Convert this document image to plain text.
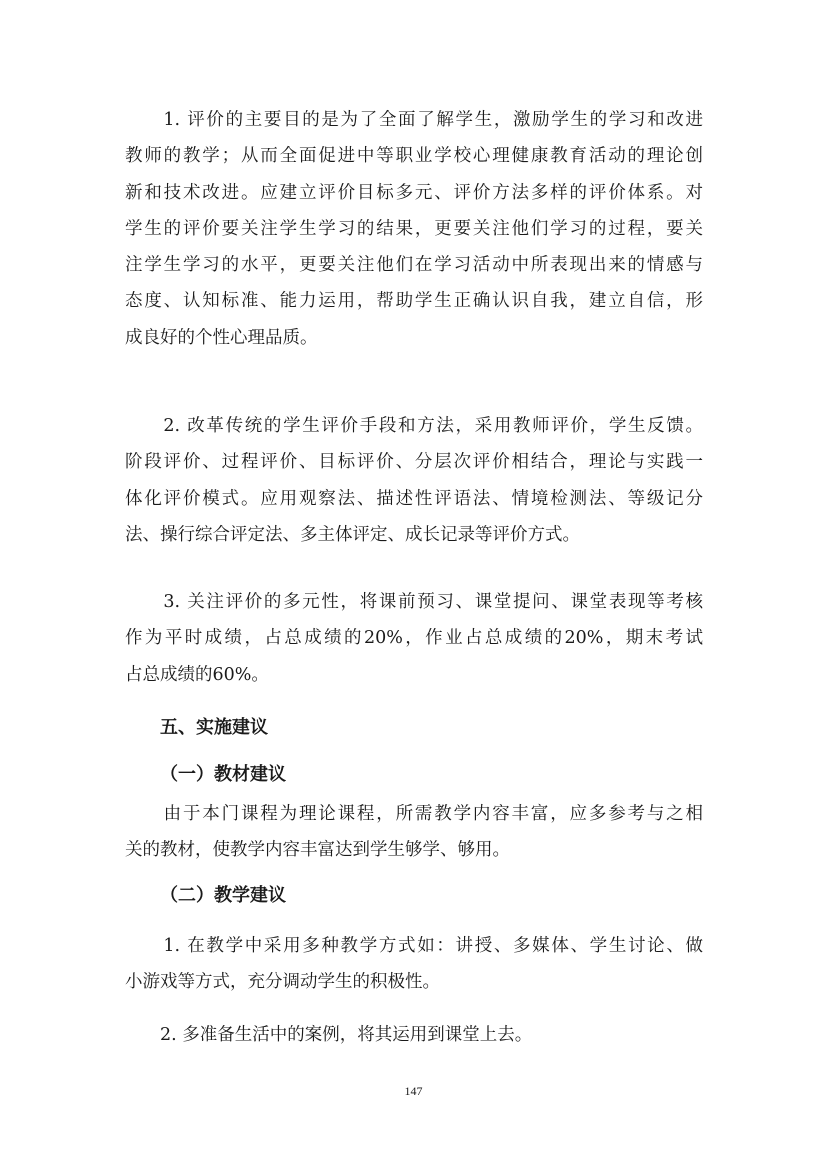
　　1. 评价的主要目的是为了全面了解学生，激励学生的学习和改进
教师的教学；从而全面促进中等职业学校心理健康教育活动的理论创
新和技术改进。应建立评价目标多元、评价方法多样的评价体系。对
学生的评价要关注学生学习的结果，更要关注他们学习的过程，要关
注学生学习的水平，更要关注他们在学习活动中所表现出来的情感与
态度、认知标准、能力运用，帮助学生正确认识自我，建立自信，形
成良好的个性心理品质。
　　2. 改革传统的学生评价手段和方法，采用教师评价，学生反馈。
阶段评价、过程评价、目标评价、分层次评价相结合，理论与实践一
体化评价模式。应用观察法、描述性评语法、情境检测法、等级记分
法、操行综合评定法、多主体评定、成长记录等评价方式。
　　3. 关注评价的多元性，将课前预习、课堂提问、课堂表现等考核
作为平时成绩，占总成绩的20%，作业占总成绩的20%，期末考试
占总成绩的60%。
五、实施建议
（一）教材建议
　　由于本门课程为理论课程，所需教学内容丰富，应多参考与之相
关的教材，使教学内容丰富达到学生够学、够用。
（二）教学建议
　　1. 在教学中采用多种教学方式如：讲授、多媒体、学生讨论、做
小游戏等方式，充分调动学生的积极性。
　　2. 多准备生活中的案例，将其运用到课堂上去。
147
